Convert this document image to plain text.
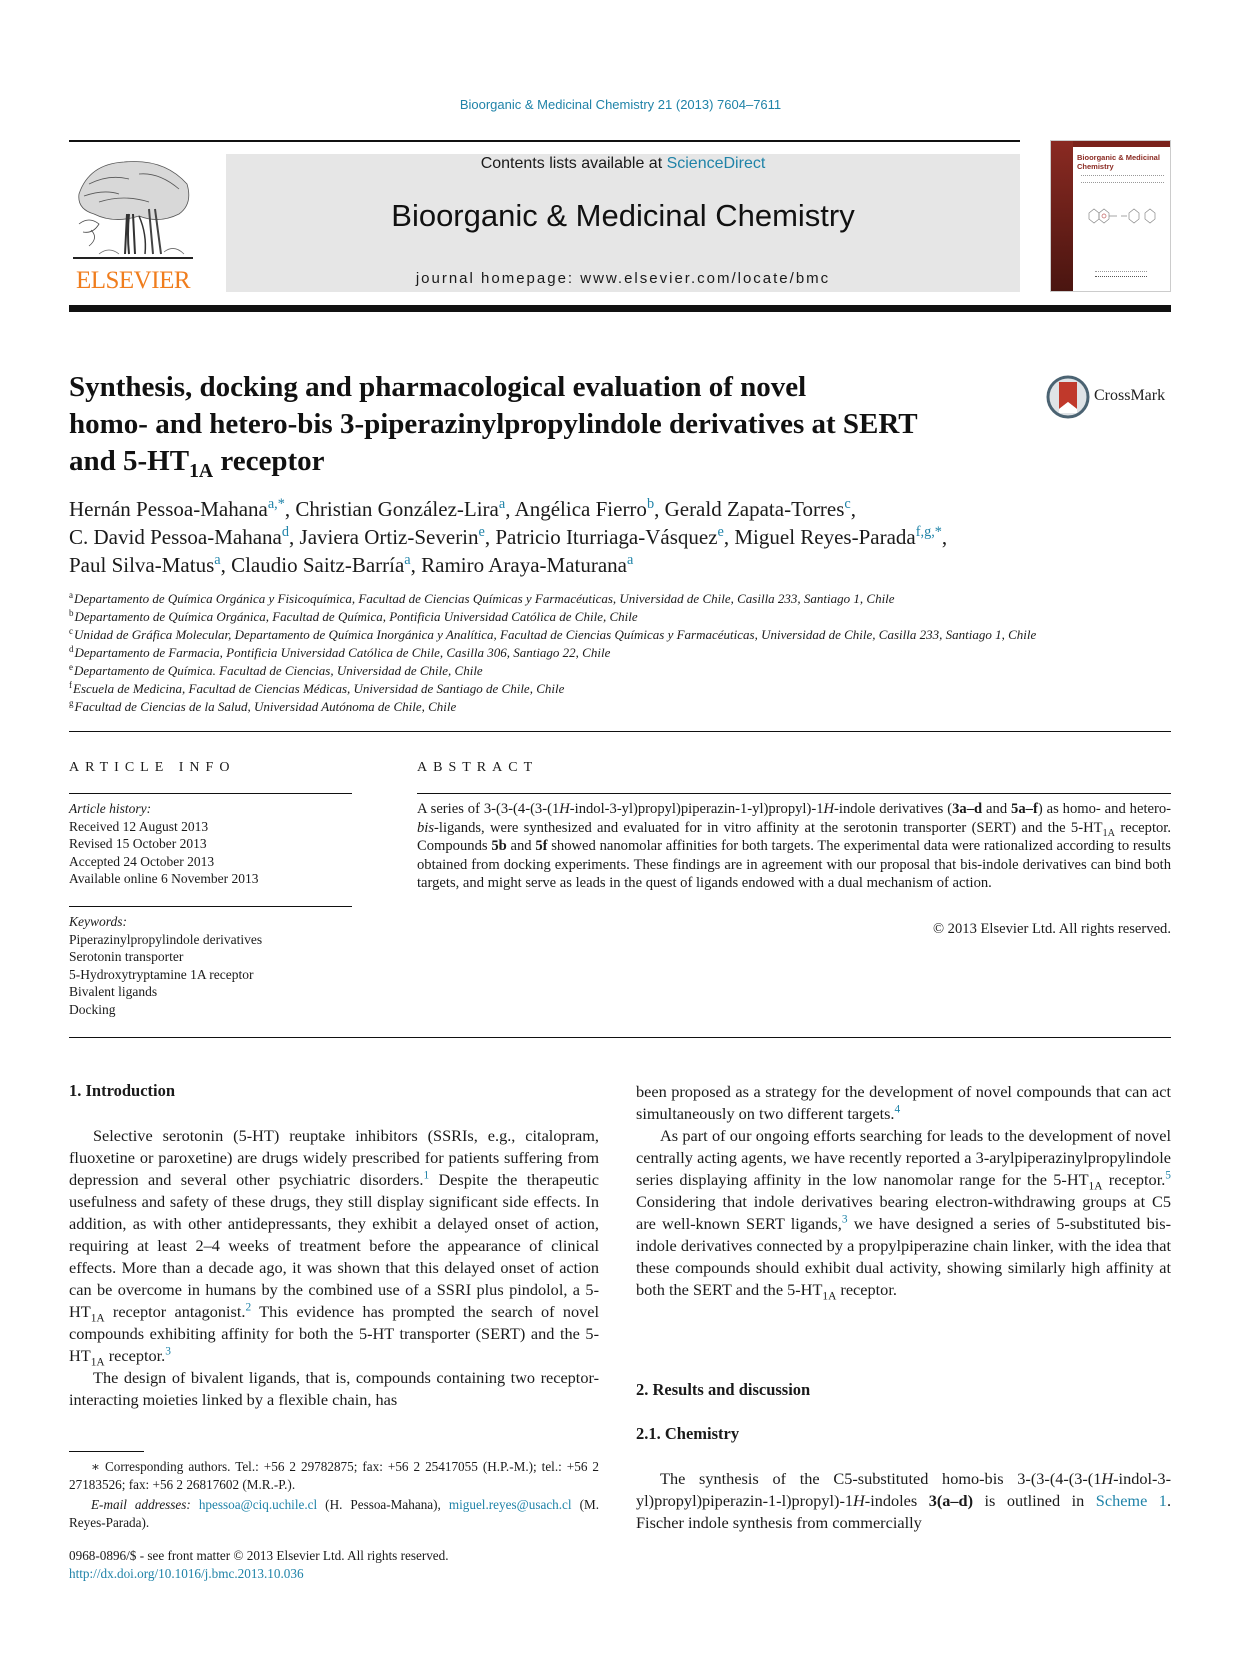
Bioorganic & Medicinal Chemistry 21 (2013) 7604–7611
ELSEVIER
Contents lists available at ScienceDirect
Bioorganic & Medicinal Chemistry
journal homepage: www.elsevier.com/locate/bmc
Bioorganic & Medicinal Chemistry
Synthesis, docking and pharmacological evaluation of novel
homo- and hetero-bis 3-piperazinylpropylindole derivatives at SERT
and $5-HT_{1A}$ receptor
CrossMark
Hernán Pessoa-Mahana$^{a,*}$, Christian González-Lira$^a$, Angélica Fierro$^b$, Gerald Zapata-Torres$^c$,
C. David Pessoa-Mahana$^d$, Javiera Ortiz-Severin$^e$, Patricio Iturriaga-Vásquez$^e$, Miguel Reyes-Parada$^{f,g,*}$,
Paul Silva-Matus$^a$, Claudio Saitz-Barría$^a$, Ramiro Araya-Maturana$^a$
$^a$Departamento de Química Orgánica y Fisicoquímica, Facultad de Ciencias Químicas y Farmacéuticas, Universidad de Chile, Casilla 233, Santiago 1, Chile
$^b$Departamento de Química Orgánica, Facultad de Química, Pontificia Universidad Católica de Chile, Chile
$^c$Unidad de Gráfica Molecular, Departamento de Química Inorgánica y Analítica, Facultad de Ciencias Químicas y Farmacéuticas, Universidad de Chile, Casilla 233, Santiago 1, Chile
$^d$Departamento de Farmacia, Pontificia Universidad Católica de Chile, Casilla 306, Santiago 22, Chile
$^e$Departamento de Química. Facultad de Ciencias, Universidad de Chile, Chile
$^f$Escuela de Medicina, Facultad de Ciencias Médicas, Universidad de Santiago de Chile, Chile
$^g$Facultad de Ciencias de la Salud, Universidad Autónoma de Chile, Chile
ARTICLE INFO	ABSTRACT
Article history:
Received 12 August 2013
Revised 15 October 2013
Accepted 24 October 2013
Available online 6 November 2013
Keywords:
Piperazinylpropylindole derivatives
Serotonin transporter
5-Hydroxytryptamine 1A receptor
Bivalent ligands
Docking
A series of 3-(3-(4-(3-(1H-indol-3-yl)propyl)piperazin-1-yl)propyl)-1H-indole derivatives (3a–d and 5a–f) as homo- and hetero-bis-ligands, were synthesized and evaluated for in vitro affinity at the serotonin transporter (SERT) and the $5-HT_{1A}$ receptor. Compounds 5b and 5f showed nanomolar affinities for both targets. The experimental data were rationalized according to results obtained from docking experiments. These findings are in agreement with our proposal that bis-indole derivatives can bind both targets, and might serve as leads in the quest of ligands endowed with a dual mechanism of action.
© 2013 Elsevier Ltd. All rights reserved.
1. Introduction

Selective serotonin (5-HT) reuptake inhibitors (SSRIs, e.g., citalopram, fluoxetine or paroxetine) are drugs widely prescribed for patients suffering from depression and several other psychiatric disorders.$^1$ Despite the therapeutic usefulness and safety of these drugs, they still display significant side effects. In addition, as with other antidepressants, they exhibit a delayed onset of action, requiring at least 2–4 weeks of treatment before the appearance of clinical effects. More than a decade ago, it was shown that this delayed onset of action can be overcome in humans by the combined use of a SSRI plus pindolol, a $5-HT_{1A}$ receptor antagonist.$^2$ This evidence has prompted the search of novel compounds exhibiting affinity for both the 5-HT transporter (SERT) and the $5-HT_{1A}$ receptor.$^3$

The design of bivalent ligands, that is, compounds containing two receptor-interacting moieties linked by a flexible chain, has

∗ Corresponding authors. Tel.: +56 2 29782875; fax: +56 2 25417055 (H.P.-M.); tel.: +56 2 27183526; fax: +56 2 26817602 (M.R.-P.).

E-mail addresses: hpessoa@ciq.uchile.cl (H. Pessoa-Mahana), miguel.reyes@usach.cl (M. Reyes-Parada).

0968-0896/$ - see front matter © 2013 Elsevier Ltd. All rights reserved.
http://dx.doi.org/10.1016/j.bmc.2013.10.036

been proposed as a strategy for the development of novel compounds that can act simultaneously on two different targets.$^4$

As part of our ongoing efforts searching for leads to the development of novel centrally acting agents, we have recently reported a 3-arylpiperazinylpropylindole series displaying affinity in the low nanomolar range for the $5-HT_{1A}$ receptor.$^5$ Considering that indole derivatives bearing electron-withdrawing groups at C5 are well-known SERT ligands,$^3$ we have designed a series of 5-substituted bis-indole derivatives connected by a propylpiperazine chain linker, with the idea that these compounds should exhibit dual activity, showing similarly high affinity at both the SERT and the $5-HT_{1A}$ receptor.

2. Results and discussion
2.1. Chemistry

The synthesis of the C5-substituted homo-bis 3-(3-(4-(3-(1H-indol-3-yl)propyl)piperazin-1-l)propyl)-1H-indoles 3(a–d) is outlined in Scheme 1. Fischer indole synthesis from commercially
